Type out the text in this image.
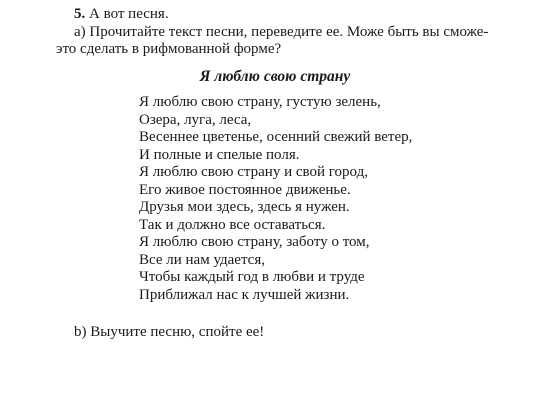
5. А вот песня.
a) Прочитайте текст песни, переведите ее. Може быть вы сможе-
это сделать в рифмованной форме?
Я люблю свою страну
Я люблю свою страну, густую зелень,
Озера, луга, леса,
Весеннее цветенье, осенний свежий ветер,
И полные и спелые поля.
Я люблю свою страну и свой город,
Его живое постоянное движенье.
Друзья мои здесь, здесь я нужен.
Так и должно все оставаться.
Я люблю свою страну, заботу о том,
Все ли нам удается,
Чтобы каждый год в любви и труде
Приближал нас к лучшей жизни.
b) Выучите песню, спойте ее!
